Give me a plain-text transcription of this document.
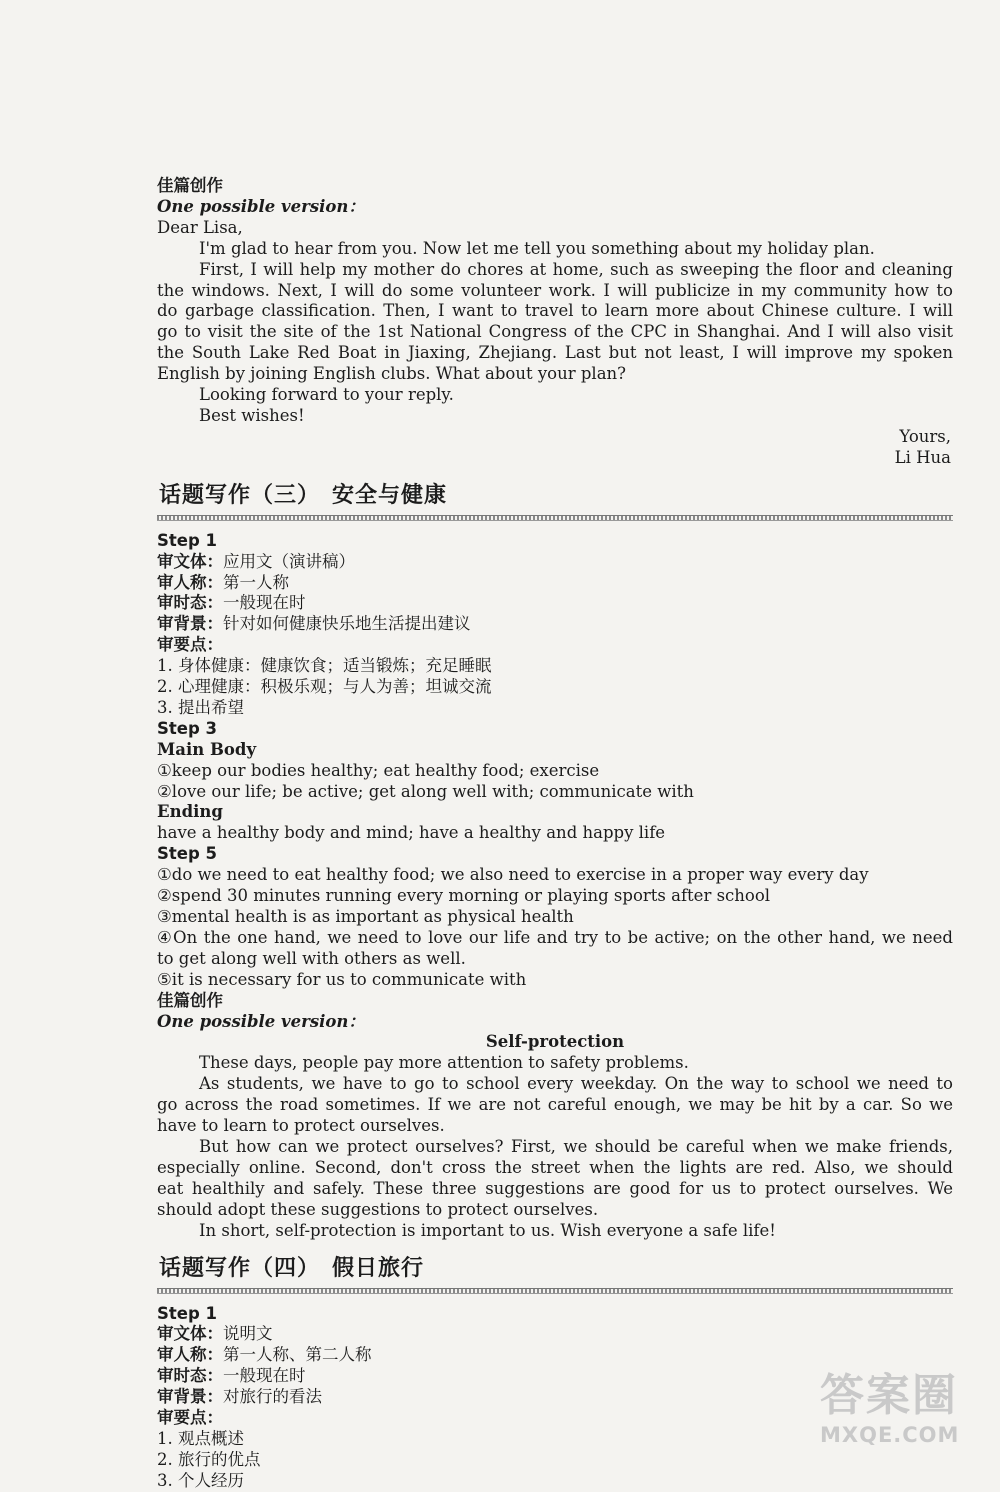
佳篇创作
One possible version：
Dear Lisa,
I'm glad to hear from you. Now let me tell you something about my holiday plan.
First, I will help my mother do chores at home, such as sweeping the floor and cleaning
the windows. Next, I will do some volunteer work. I will publicize in my community how to
do garbage classification. Then, I want to travel to learn more about Chinese culture. I will
go to visit the site of the 1st National Congress of the CPC in Shanghai. And I will also visit
the South Lake Red Boat in Jiaxing, Zhejiang. Last but not least, I will improve my spoken
English by joining English clubs. What about your plan?
Looking forward to your reply.
Best wishes!
Yours,
Li Hua
话题写作（三）　安全与健康
Step 1
审文体：应用文（演讲稿）
审人称：第一人称
审时态：一般现在时
审背景：针对如何健康快乐地生活提出建议
审要点：
1. 身体健康：健康饮食；适当锻炼；充足睡眠
2. 心理健康：积极乐观；与人为善；坦诚交流
3. 提出希望
Step 3
Main Body
①keep our bodies healthy; eat healthy food; exercise
②love our life; be active; get along well with; communicate with
Ending
have a healthy body and mind; have a healthy and happy life
Step 5
①do we need to eat healthy food; we also need to exercise in a proper way every day
②spend 30 minutes running every morning or playing sports after school
③mental health is as important as physical health
④On the one hand, we need to love our life and try to be active; on the other hand, we need
to get along well with others as well.
⑤it is necessary for us to communicate with
佳篇创作
One possible version：
Self-protection
These days, people pay more attention to safety problems.
As students, we have to go to school every weekday. On the way to school we need to
go across the road sometimes. If we are not careful enough, we may be hit by a car. So we
have to learn to protect ourselves.
But how can we protect ourselves? First, we should be careful when we make friends,
especially online. Second, don't cross the street when the lights are red. Also, we should
eat healthily and safely. These three suggestions are good for us to protect ourselves. We
should adopt these suggestions to protect ourselves.
In short, self-protection is important to us. Wish everyone a safe life!
话题写作（四）　假日旅行
Step 1
审文体：说明文
审人称：第一人称、第二人称
审时态：一般现在时
审背景：对旅行的看法
审要点：
1. 观点概述
2. 旅行的优点
3. 个人经历
答案圈
MXQE.COM
